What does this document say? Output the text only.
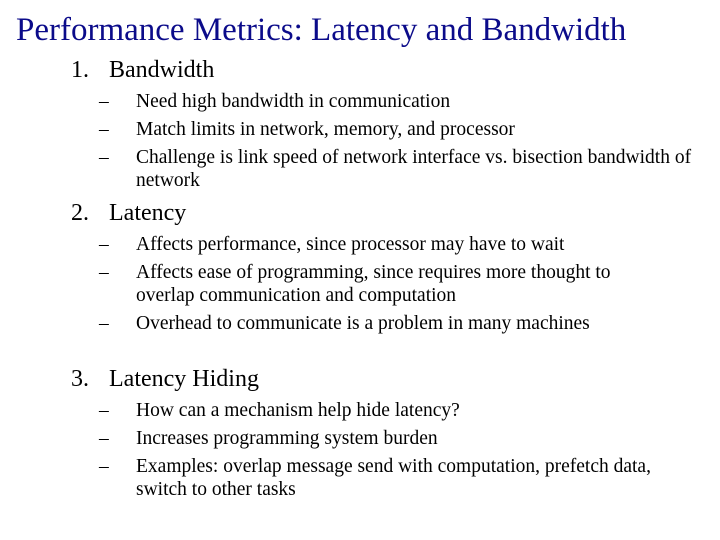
Performance Metrics: Latency and Bandwidth
1. Bandwidth
– Need high bandwidth in communication
– Match limits in network, memory, and processor
– Challenge is link speed of network interface vs. bisection bandwidth of network
2. Latency
– Affects performance, since processor may have to wait
– Affects ease of programming, since requires more thought to overlap communication and computation
– Overhead to communicate is a problem in many machines
3. Latency Hiding
– How can a mechanism help hide latency?
– Increases programming system burden
– Examples: overlap message send with computation, prefetch data, switch to other tasks
